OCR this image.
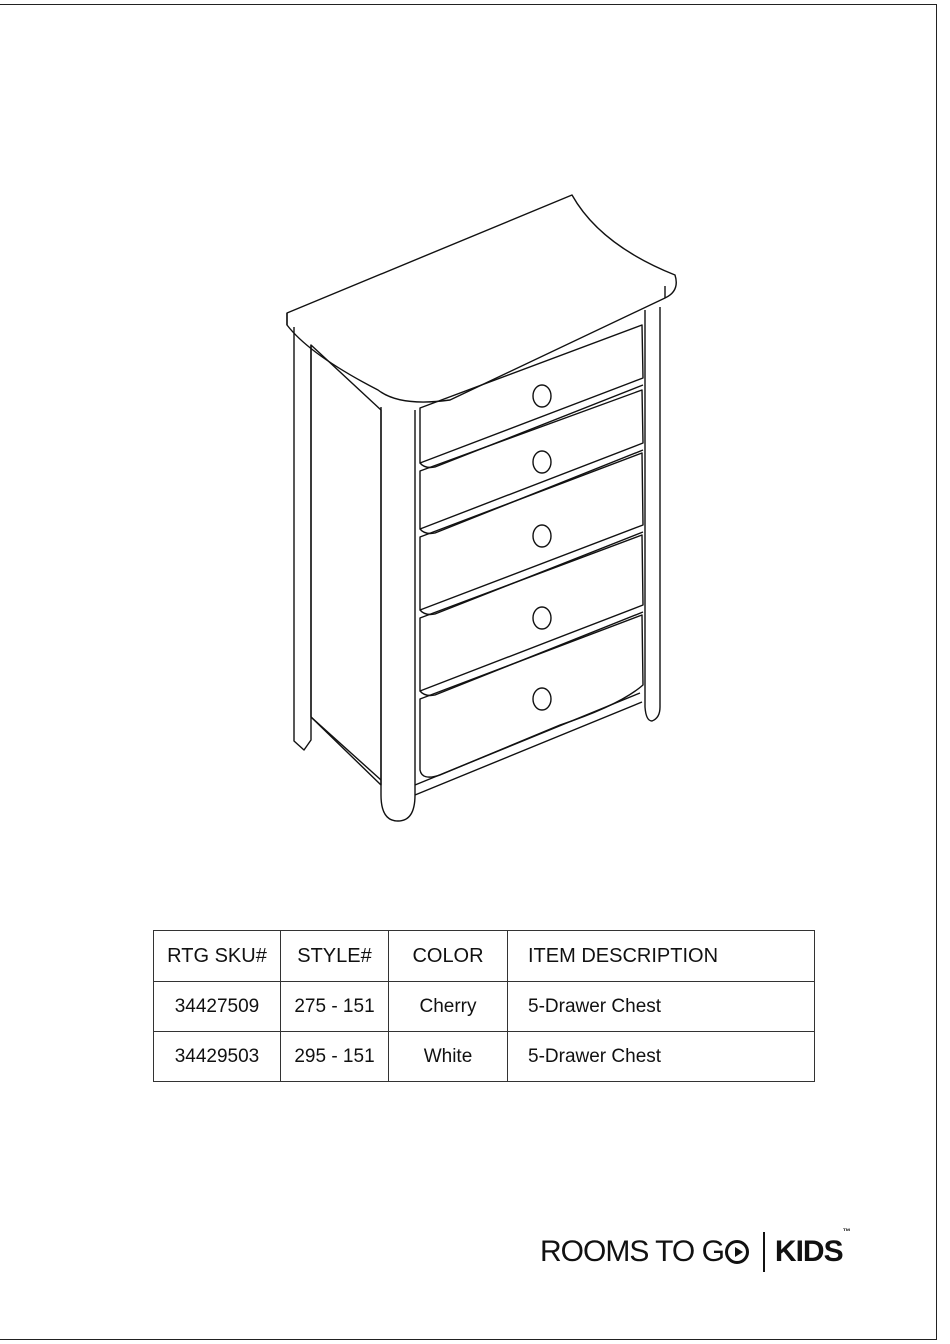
RTG SKU#	STYLE#	COLOR	ITEM DESCRIPTION
34427509	275 - 151	Cherry	5-Drawer Chest
34429503	295 - 151	White	5-Drawer Chest
ROOMS TO G KIDS™
